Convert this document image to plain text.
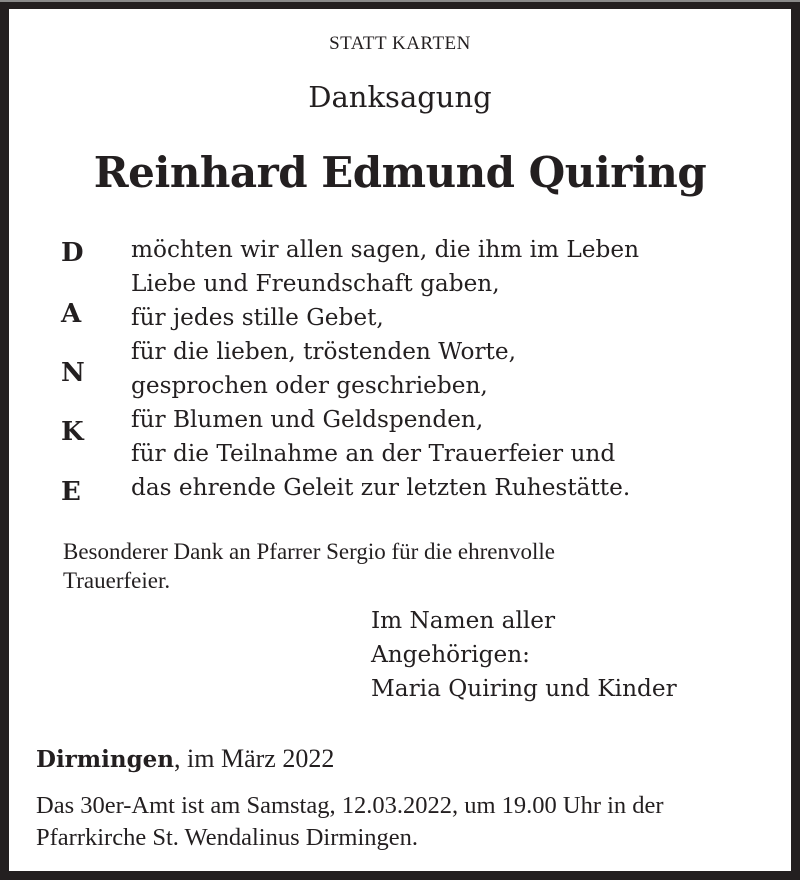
STATT KARTEN
Danksagung
Reinhard Edmund Quiring
D
A
N
K
E
möchten wir allen sagen, die ihm im Leben
Liebe und Freundschaft gaben,
für jedes stille Gebet,
für die lieben, tröstenden Worte,
gesprochen oder geschrieben,
für Blumen und Geldspenden,
für die Teilnahme an der Trauerfeier und
das ehrende Geleit zur letzten Ruhestätte.
Besonderer Dank an Pfarrer Sergio für die ehrenvolle
Trauerfeier.
Im Namen aller
Angehörigen:
Maria Quiring und Kinder
Dirmingen, im März 2022
Das 30er-Amt ist am Samstag, 12.03.2022, um 19.00 Uhr in der
Pfarrkirche St. Wendalinus Dirmingen.
